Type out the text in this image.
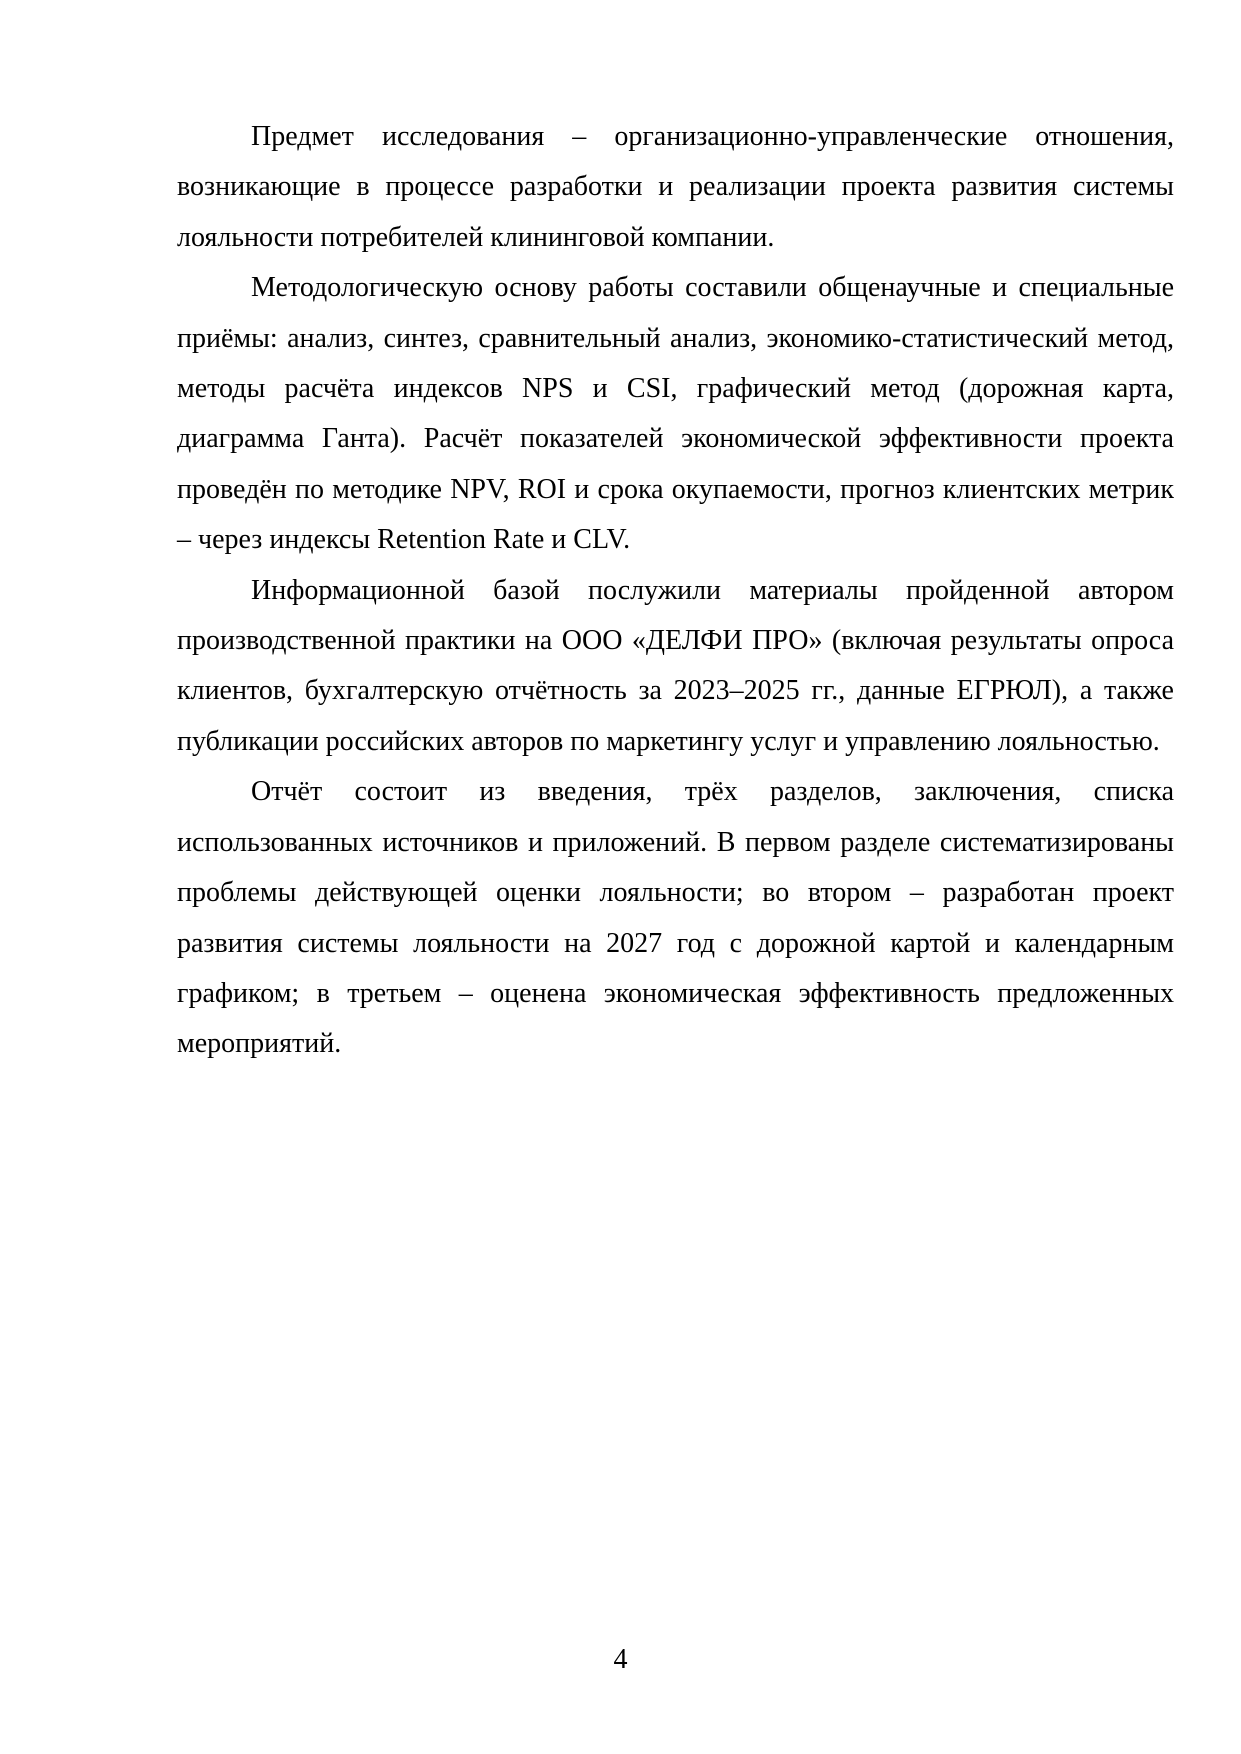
Предмет исследования – организационно-управленческие отношения, возникающие в процессе разработки и реализации проекта развития системы лояльности потребителей клининговой компании.

Методологическую основу работы составили общенаучные и специальные приёмы: анализ, синтез, сравнительный анализ, экономико-статистический метод, методы расчёта индексов NPS и CSI, графический метод (дорожная карта, диаграмма Ганта). Расчёт показателей экономической эффективности проекта проведён по методике NPV, ROI и срока окупаемости, прогноз клиентских метрик – через индексы Retention Rate и CLV.

Информационной базой послужили материалы пройденной автором производственной практики на ООО «ДЕЛФИ ПРО» (включая результаты опроса клиентов, бухгалтерскую отчётность за 2023–2025 гг., данные ЕГРЮЛ), а также публикации российских авторов по маркетингу услуг и управлению лояльностью.

Отчёт состоит из введения, трёх разделов, заключения, списка использованных источников и приложений. В первом разделе систематизированы проблемы действующей оценки лояльности; во втором – разработан проект развития системы лояльности на 2027 год с дорожной картой и календарным графиком; в третьем – оценена экономическая эффективность предложенных мероприятий.

4
